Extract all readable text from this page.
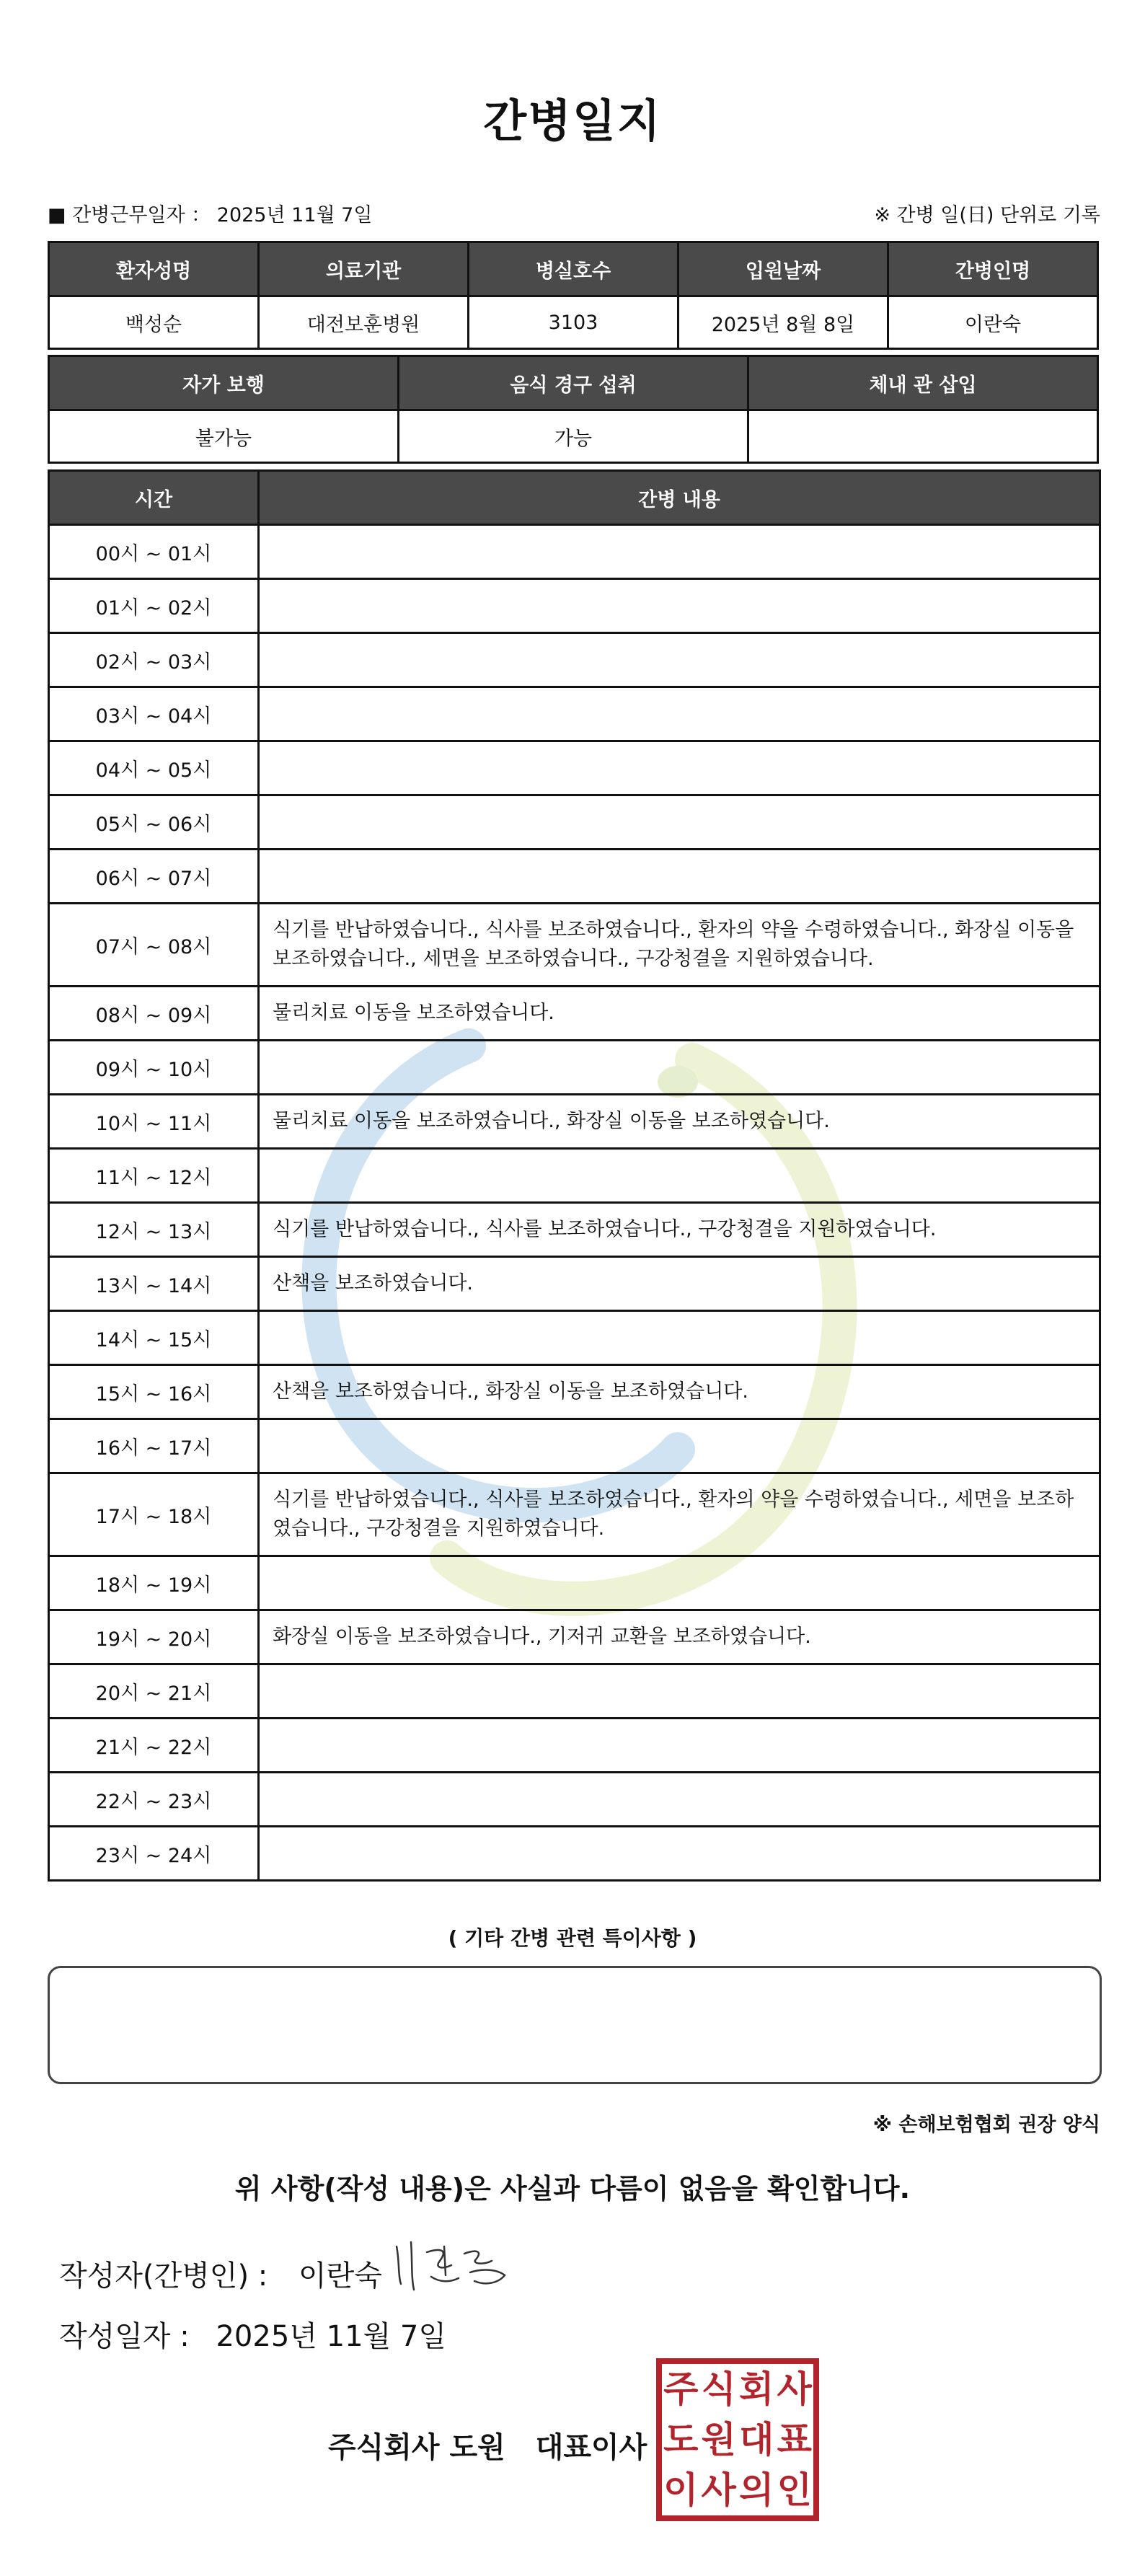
간병일지
■ 간병근무일자 ： 2025년 11월 7일	※ 간병 일(日) 단위로 기록
환자성명	의료기관	병실호수	입원날짜	간병인명
백성순	대전보훈병원	3103	2025년 8월 8일	이란숙
자가 보행	음식 경구 섭취	체내 관 삽입
불가능	가능	
시간	간병 내용
00시 ~ 01시	
01시 ~ 02시	
02시 ~ 03시	
03시 ~ 04시	
04시 ~ 05시	
05시 ~ 06시	
06시 ~ 07시	
07시 ~ 08시	식기를 반납하였습니다., 식사를 보조하였습니다., 환자의 약을 수령하였습니다., 화장실 이동을 보조하였습니다., 세면을 보조하였습니다., 구강청결을 지원하였습니다.
08시 ~ 09시	물리치료 이동을 보조하였습니다.
09시 ~ 10시	
10시 ~ 11시	물리치료 이동을 보조하였습니다., 화장실 이동을 보조하였습니다.
11시 ~ 12시	
12시 ~ 13시	식기를 반납하였습니다., 식사를 보조하였습니다., 구강청결을 지원하였습니다.
13시 ~ 14시	산책을 보조하였습니다.
14시 ~ 15시	
15시 ~ 16시	산책을 보조하였습니다., 화장실 이동을 보조하였습니다.
16시 ~ 17시	
17시 ~ 18시	식기를 반납하였습니다., 식사를 보조하였습니다., 환자의 약을 수령하였습니다., 세면을 보조하였습니다., 구강청결을 지원하였습니다.
18시 ~ 19시	
19시 ~ 20시	화장실 이동을 보조하였습니다., 기저귀 교환을 보조하였습니다.
20시 ~ 21시	
21시 ~ 22시	
22시 ~ 23시	
23시 ~ 24시	
( 기타 간병 관련 특이사항 )
※ 손해보험협회 권장 양식
위 사항(작성 내용)은 사실과 다름이 없음을 확인합니다.
작성자(간병인) : 이란숙
작성일자 : 2025년 11월 7일
주식회사 도원 대표이사
주 식 회 사
도 원 대 표
이 사 의 인
